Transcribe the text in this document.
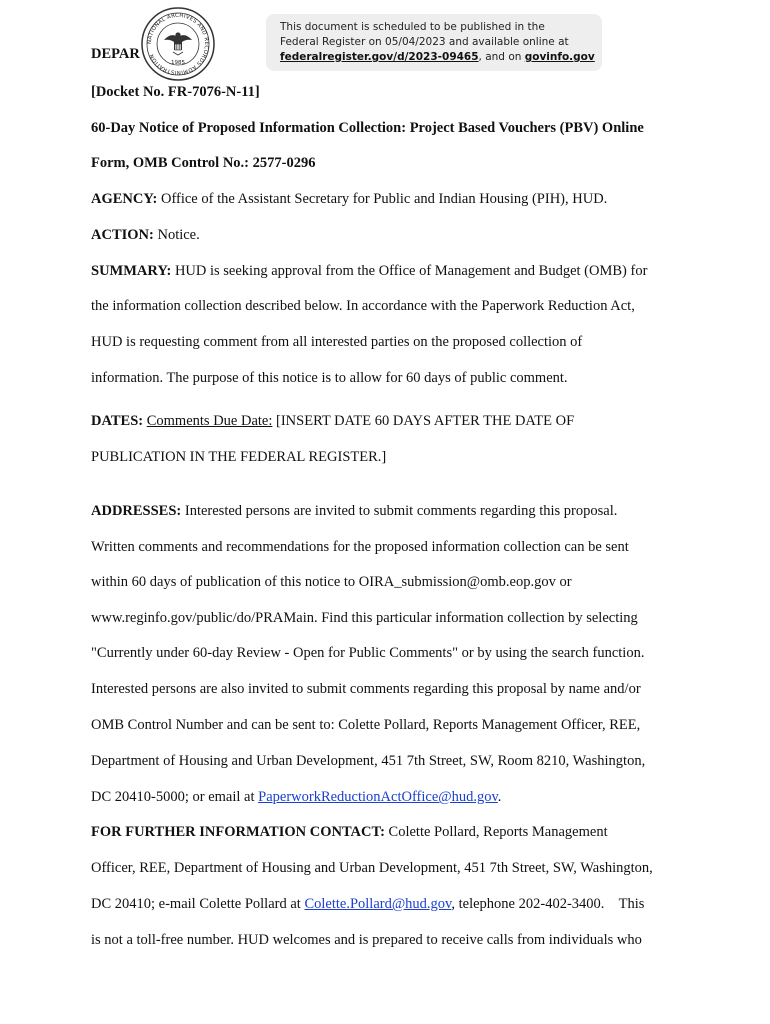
NATIONAL ARCHIVES AND RECORDS ADMINISTRATION
1985
This document is scheduled to be published in the
Federal Register on 05/04/2023 and available online at
federalregister.gov/d/2023-09465, and on govinfo.gov
DEPAR
[Docket No. FR-7076-N-11]
60-Day Notice of Proposed Information Collection: Project Based Vouchers (PBV) Online
Form, OMB Control No.: 2577-0296
AGENCY: Office of the Assistant Secretary for Public and Indian Housing (PIH), HUD.
ACTION: Notice.
SUMMARY: HUD is seeking approval from the Office of Management and Budget (OMB) for
the information collection described below. In accordance with the Paperwork Reduction Act,
HUD is requesting comment from all interested parties on the proposed collection of
information. The purpose of this notice is to allow for 60 days of public comment.
DATES: Comments Due Date: [INSERT DATE 60 DAYS AFTER THE DATE OF
PUBLICATION IN THE FEDERAL REGISTER.]
ADDRESSES: Interested persons are invited to submit comments regarding this proposal.
Written comments and recommendations for the proposed information collection can be sent
within 60 days of publication of this notice to OIRA_submission@omb.eop.gov or
www.reginfo.gov/public/do/PRAMain. Find this particular information collection by selecting
"Currently under 60-day Review - Open for Public Comments" or by using the search function.
Interested persons are also invited to submit comments regarding this proposal by name and/or
OMB Control Number and can be sent to: Colette Pollard, Reports Management Officer, REE,
Department of Housing and Urban Development, 451 7th Street, SW, Room 8210, Washington,
DC 20410-5000; or email at PaperworkReductionActOffice@hud.gov.
FOR FURTHER INFORMATION CONTACT: Colette Pollard, Reports Management
Officer, REE, Department of Housing and Urban Development, 451 7th Street, SW, Washington,
DC 20410; e-mail Colette Pollard at Colette.Pollard@hud.gov, telephone 202-402-3400.    This
is not a toll-free number. HUD welcomes and is prepared to receive calls from individuals who
